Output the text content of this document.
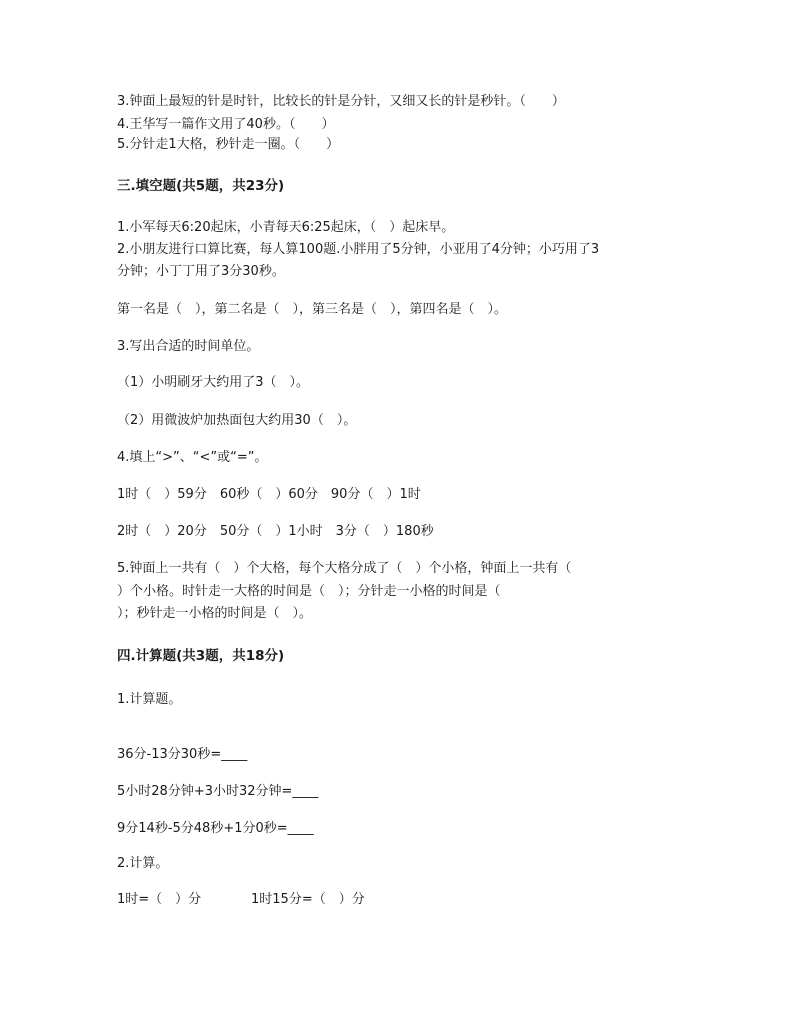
3.钟面上最短的针是时针，比较长的针是分针，又细又长的针是秒针。（　　）
4.王华写一篇作文用了40秒。（　　）
5.分针走1大格，秒针走一圈。（　　）
三.填空题(共5题，共23分)
1.小军每天6:20起床，小青每天6:25起床，（　）起床早。
2.小朋友进行口算比赛，每人算100题.小胖用了5分钟，小亚用了4分钟；小巧用了3
分钟；小丁丁用了3分30秒。
第一名是（　），第二名是（　），第三名是（　），第四名是（　）。
3.写出合适的时间单位。
（1）小明刷牙大约用了3（　）。
（2）用微波炉加热面包大约用30（　）。
4.填上“>”、“<”或“=”。
1时（　）59分　60秒（　）60分　90分（　）1时
2时（　）20分　50分（　）1小时　3分（　）180秒
5.钟面上一共有（　）个大格，每个大格分成了（　）个小格，钟面上一共有（
）个小格。时针走一大格的时间是（　）；分针走一小格的时间是（
）；秒针走一小格的时间是（　）。
四.计算题(共3题，共18分)
1.计算题。
36分-13分30秒=____
5小时28分钟+3小时32分钟=____
9分14秒-5分48秒+1分0秒=____
2.计算。
1时=（　）分	1时15分=（　）分
